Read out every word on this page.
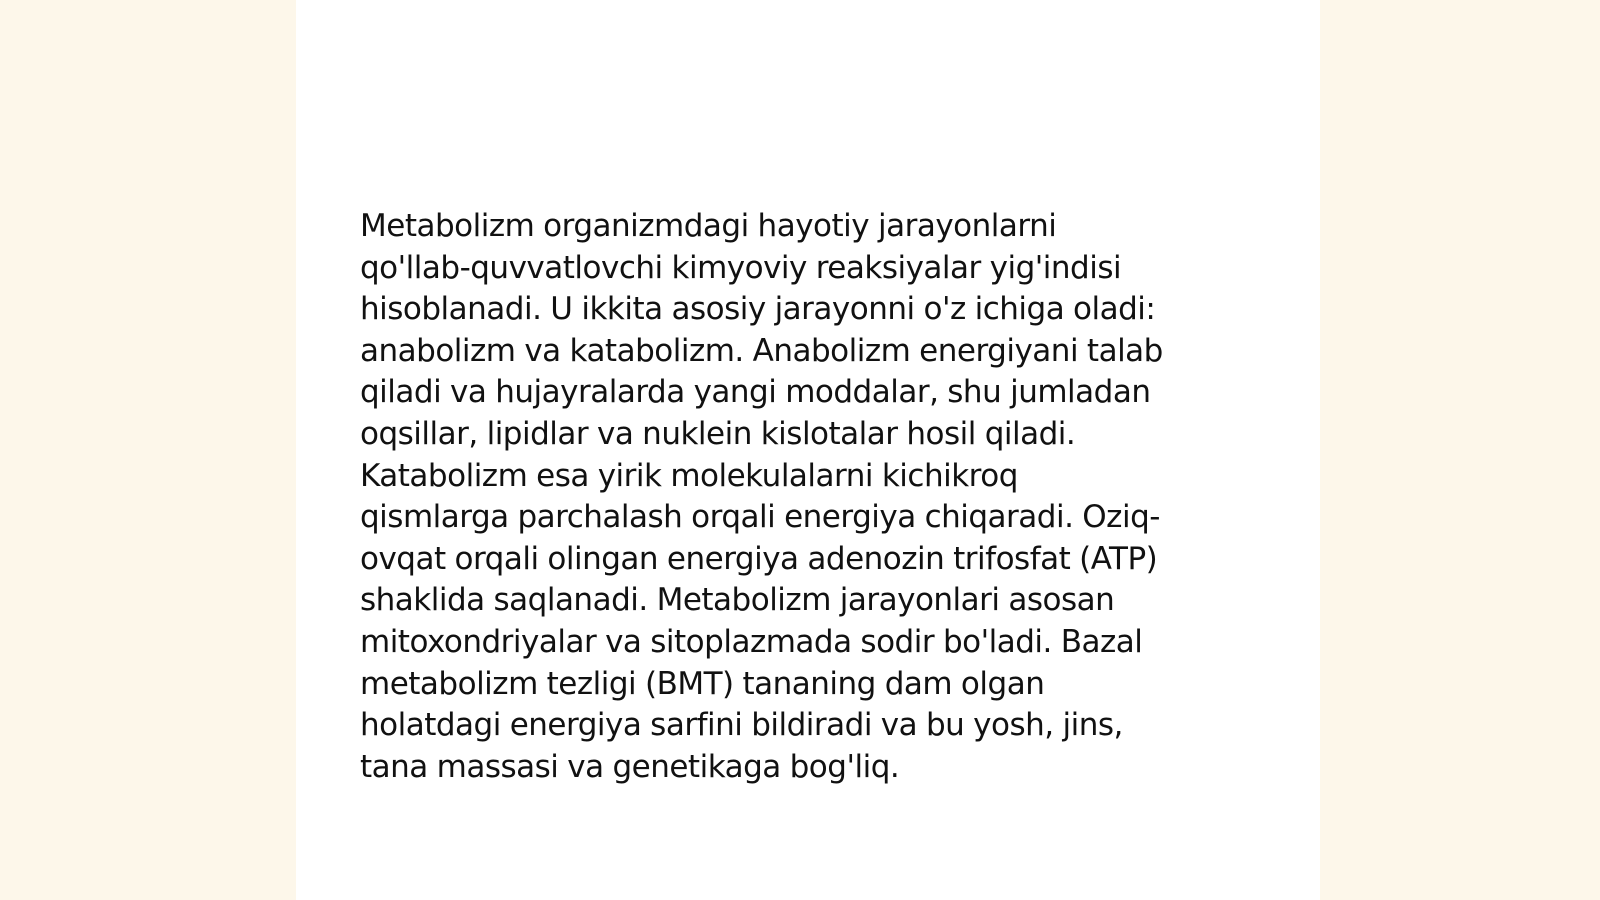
Metabolizm organizmdagi hayotiy jarayonlarni
qo'llab-quvvatlovchi kimyoviy reaksiyalar yig'indisi
hisoblanadi. U ikkita asosiy jarayonni o'z ichiga oladi:
anabolizm va katabolizm. Anabolizm energiyani talab
qiladi va hujayralarda yangi moddalar, shu jumladan
oqsillar, lipidlar va nuklein kislotalar hosil qiladi.
Katabolizm esa yirik molekulalarni kichikroq
qismlarga parchalash orqali energiya chiqaradi. Oziq-
ovqat orqali olingan energiya adenozin trifosfat (ATP)
shaklida saqlanadi. Metabolizm jarayonlari asosan
mitoxondriyalar va sitoplazmada sodir bo'ladi. Bazal
metabolizm tezligi (BMT) tananing dam olgan
holatdagi energiya sarfini bildiradi va bu yosh, jins,
tana massasi va genetikaga bog'liq.
